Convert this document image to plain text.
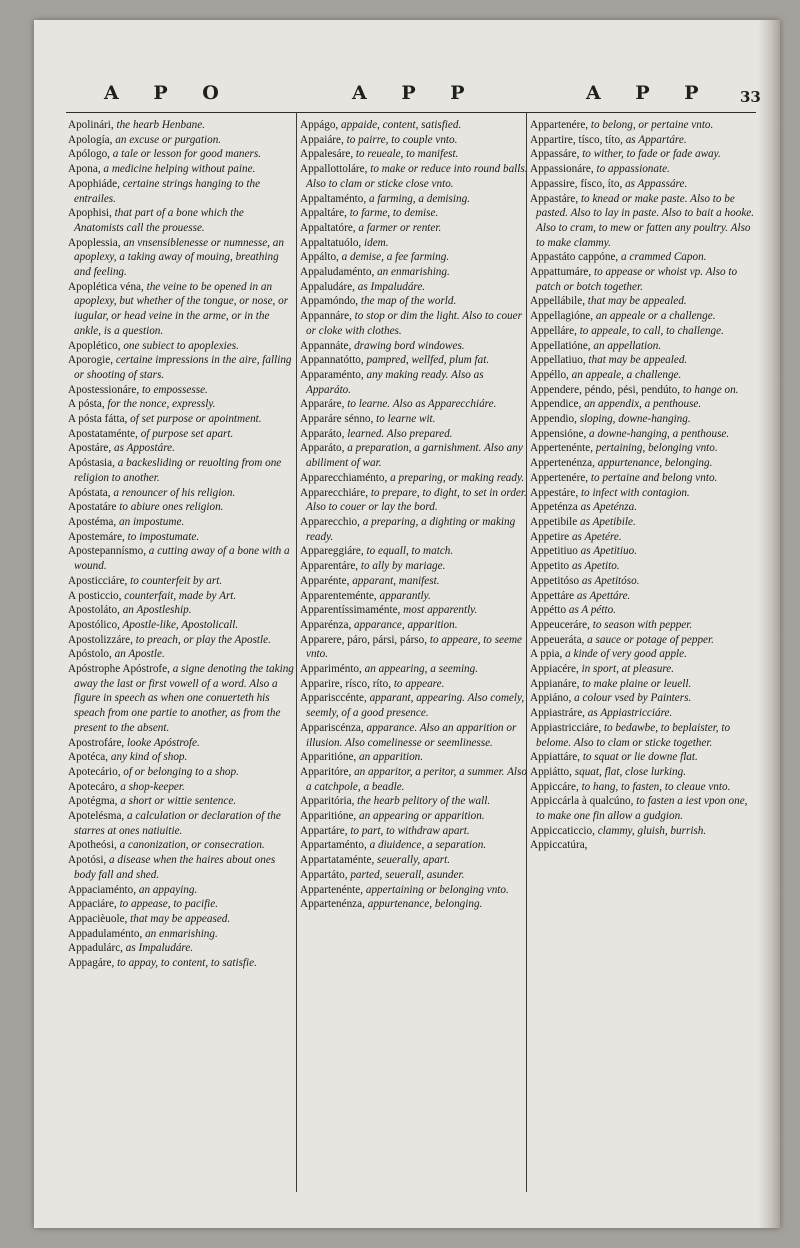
A P O	A P P	A P P 33

Apolinári, the hearb Henbane.

Apología, an excuse or purgation.

Apólogo, a tale or lesson for good maners.

Apona, a medicine helping without paine.

Apophiáde, certaine strings hanging to the entrailes.

Apophisi, that part of a bone which the Anatomists call the prouesse.

Apoplessia, an vnsensiblenesse or numnesse, an apoplexy, a taking away of mouing, breathing and feeling.

Apoplética véna, the veine to be opened in an apoplexy, but whether of the tongue, or nose, or iugular, or head veine in the arme, or in the ankle, is a question.

Apoplético, one subiect to apoplexies.

Aporogie, certaine impressions in the aire, falling or shooting of stars.

Apostessionáre, to empossesse.

A pósta, for the nonce, expressly.

A pósta fátta, of set purpose or apointment.

Apostataménte, of purpose set apart.

Apostáre, as Appostáre.

Apóstasia, a backesliding or reuolting from one religion to another.

Apóstata, a renouncer of his religion.

Apostatáre to abiure ones religion.

Apostéma, an impostume.

Apostemáre, to impostumate.

Apostepannísmo, a cutting away of a bone with a wound.

Aposticciáre, to counterfeit by art.

A posticcio, counterfait, made by Art.

Apostoláto, an Apostleship.

Apostólico, Apostle-like, Apostolicall.

Apostolizzáre, to preach, or play the Apostle.

Apóstolo, an Apostle.

Apóstrophe Apóstrofe, a signe denoting the taking away the last or first vowell of a word. Also a figure in speech as when one conuerteth his speach from one partie to another, as from the present to the absent.

Apostrofáre, looke Apóstrofe.

Apotéca, any kind of shop.

Apotecário, of or belonging to a shop.

Apotecáro, a shop-keeper.

Apotégma, a short or wittie sentence.

Apotelésma, a calculation or declaration of the starres at ones natiuitie.

Apotheósi, a canonization, or consecration.

Apotósi, a disease when the haires about ones body fall and shed.

Appaciaménto, an appaying.

Appaciáre, to appease, to pacifie.

Appacièuole, that may be appeased.

Appadulaménto, an enmarishing.

Appadulárc, as Impaludáre.

Appagáre, to appay, to content, to satisfie.

Appágo, appaide, content, satisfied.

Appaiáre, to pairre, to couple vnto.

Appalesáre, to reueale, to manifest.

Appallottoláre, to make or reduce into round balls. Also to clam or sticke close vnto.

Appaltaménto, a farming, a demising.

Appaltáre, to farme, to demise.

Appaltatóre, a farmer or renter.

Appaltatuólo, idem.

Appálto, a demise, a fee farming.

Appaludaménto, an enmarishing.

Appaludáre, as Impaludáre.

Appamóndo, the map of the world.

Appannáre, to stop or dim the light. Also to couer or cloke with clothes.

Appannáte, drawing bord windowes.

Appannatótto, pampred, wellfed, plum fat.

Apparaménto, any making ready. Also as Apparáto.

Apparáre, to learne. Also as Apparecchiáre.

Apparáre sénno, to learne wit.

Apparáto, learned. Also prepared.

Apparáto, a preparation, a garnishment. Also any abiliment of war.

Apparecchiaménto, a preparing, or making ready.

Apparecchiáre, to prepare, to dight, to set in order. Also to couer or lay the bord.

Apparecchio, a preparing, a dighting or making ready.

Appareggiáre, to equall, to match.

Apparentáre, to ally by mariage.

Apparénte, apparant, manifest.

Apparenteménte, apparantly.

Apparentíssimaménte, most apparently.

Apparénza, apparance, apparition.

Apparere, páro, pársi, párso, to appeare, to seeme vnto.

Appariménto, an appearing, a seeming.

Apparire, rísco, ríto, to appeare.

Apparisccénte, apparant, appearing. Also comely, seemly, of a good presence.

Appariscénza, apparance. Also an apparition or illusion. Also comelinesse or seemlinesse.

Apparitióne, an apparition.

Apparitóre, an apparitor, a peritor, a summer. Also a catchpole, a beadle.

Apparitória, the hearb pelitory of the wall.

Apparitióne, an appearing or apparition.

Appartáre, to part, to withdraw apart.

Appartaménto, a diuidence, a separation.

Appartataménte, seuerally, apart.

Appartáto, parted, seuerall, asunder.

Appartenénte, appertaining or belonging vnto.

Appartenénza, appurtenance, belonging.

Appartenére, to belong, or pertaine vnto.

Appartire, tísco, títo, as Appartáre.

Appassáre, to wither, to fade or fade away.

Appassionáre, to appassionate.

Appassire, físco, íto, as Appassáre.

Appastáre, to knead or make paste. Also to be pasted. Also to lay in paste. Also to bait a hooke. Also to cram, to mew or fatten any poultry. Also to make clammy.

Appastáto cappóne, a crammed Capon.

Appattumáre, to appease or whoist vp. Also to patch or botch together.

Appellábile, that may be appealed.

Appellagióne, an appeale or a challenge.

Appelláre, to appeale, to call, to challenge.

Appellatióne, an appellation.

Appellatiuo, that may be appealed.

Appéllo, an appeale, a challenge.

Appendere, péndo, pési, pendúto, to hange on.

Appendice, an appendix, a penthouse.

Appendio, sloping, downe-hanging.

Appensióne, a downe-hanging, a penthouse.

Appertenénte, pertaining, belonging vnto.

Appertenénza, appurtenance, belonging.

Appertenére, to pertaine and belong vnto.

Appestáre, to infect with contagion.

Appeténza as Apeténza.

Appetibile as Apetibile.

Appetire as Apetére.

Appetitiuo as Apetitiuo.

Appetito as Apetito.

Appetitóso as Apetitóso.

Appettáre as Apettáre.

Appétto as A pétto.

Appeuceráre, to season with pepper.

Appeueráta, a sauce or potage of pepper.

A ppia, a kinde of very good apple.

Appiacére, in sport, at pleasure.

Appianáre, to make plaine or leuell.

Appiáno, a colour vsed by Painters.

Appiastráre, as Appiastricciáre.

Appiastricciáre, to bedawbe, to beplaister, to belome. Also to clam or sticke together.

Appiattáre, to squat or lie downe flat.

Appiátto, squat, flat, close lurking.

Appiccáre, to hang, to fasten, to cleaue vnto.

Appiccárla à qualcúno, to fasten a iest vpon one, to make one fin allow a gudgion.

Appiccaticcio, clammy, gluish, burrish.

Appiccatúra,
